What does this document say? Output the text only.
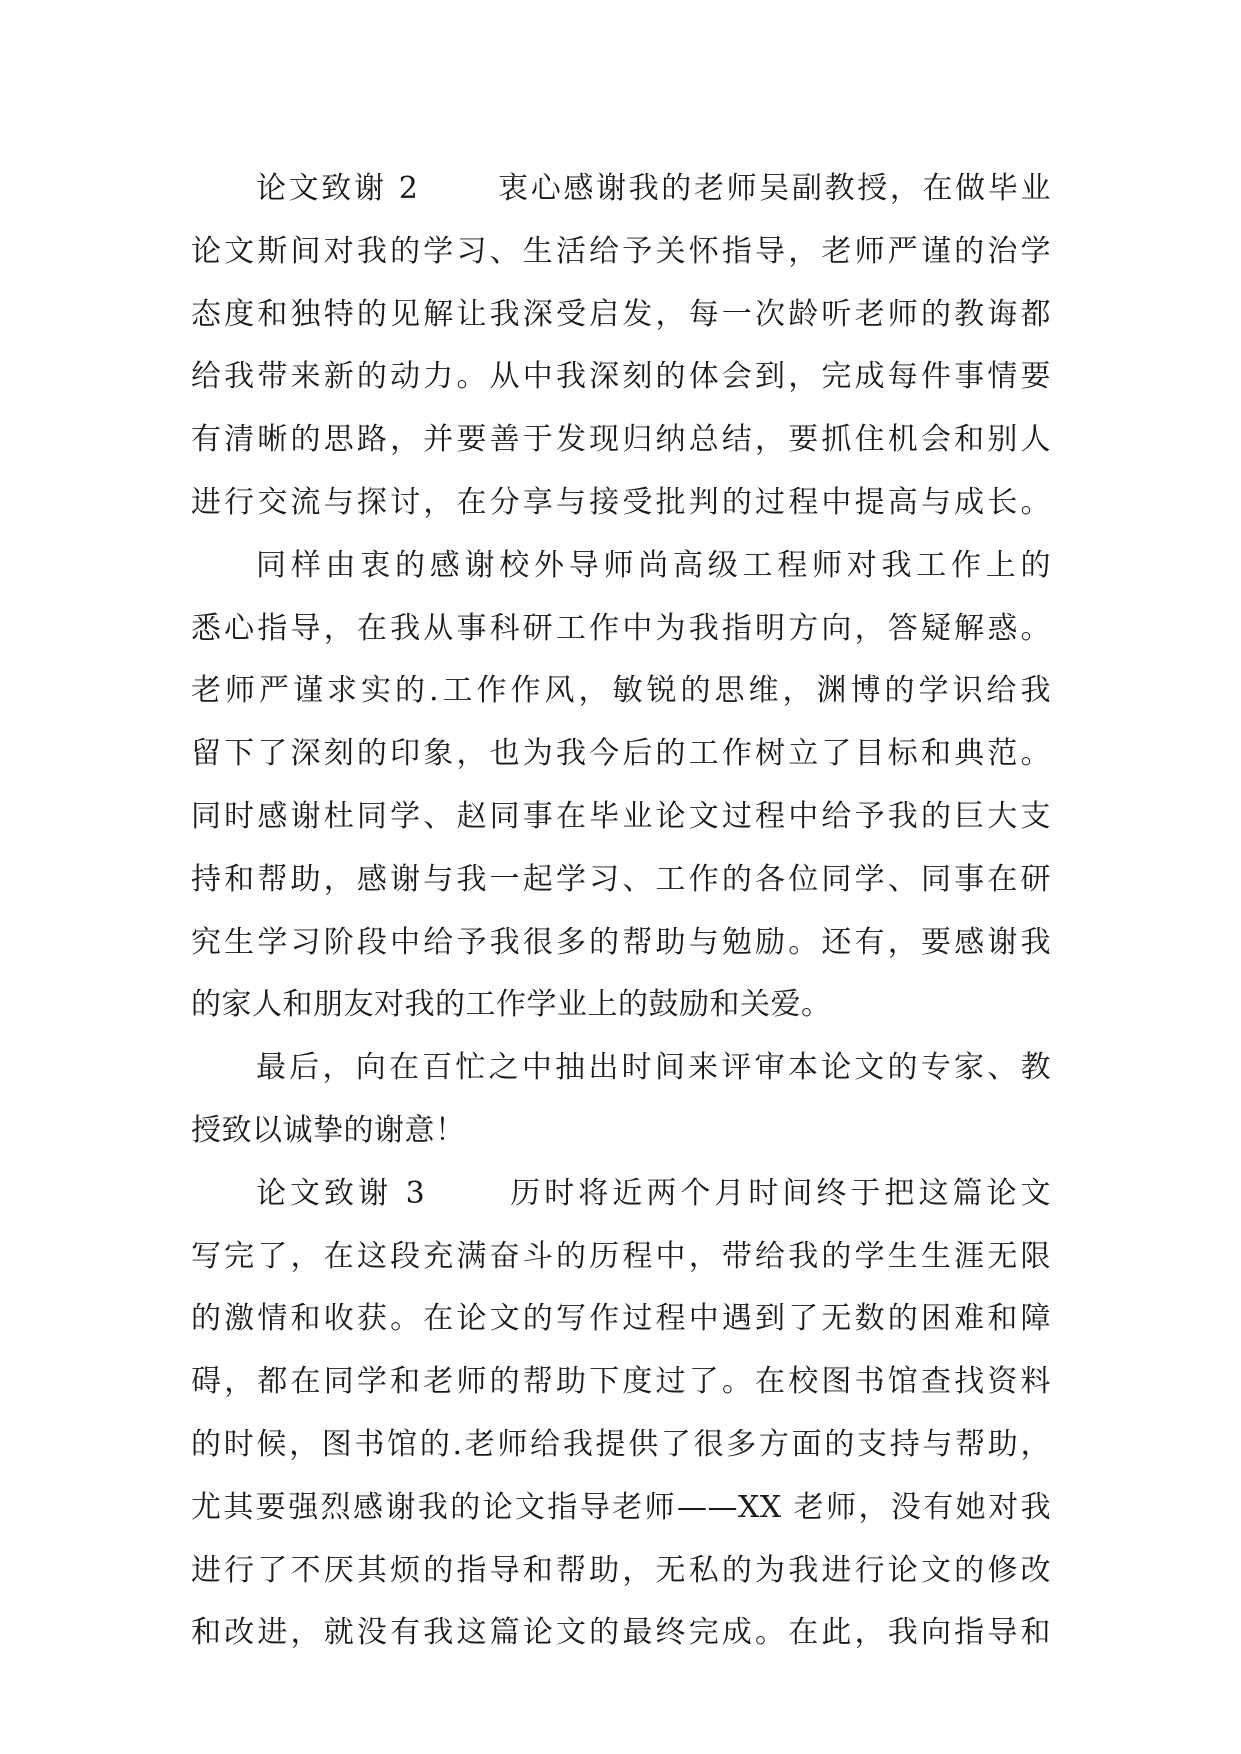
论文致谢 2　　 衷心感谢我的老师吴副教授，在做毕业
论文斯间对我的学习、生活给予关怀指导，老师严谨的治学
态度和独特的见解让我深受启发，每一次龄听老师的教诲都
给我带来新的动力。从中我深刻的体会到，完成每件事情要
有清晰的思路，并要善于发现归纳总结，要抓住机会和别人
进行交流与探讨，在分享与接受批判的过程中提高与成长。
同样由衷的感谢校外导师尚高级工程师对我工作上的
悉心指导，在我从事科研工作中为我指明方向，答疑解惑。
老师严谨求实的.工作作风，敏锐的思维，渊博的学识给我
留下了深刻的印象，也为我今后的工作树立了目标和典范。
同时感谢杜同学、赵同事在毕业论文过程中给予我的巨大支
持和帮助，感谢与我一起学习、工作的各位同学、同事在研
究生学习阶段中给予我很多的帮助与勉励。还有，要感谢我
的家人和朋友对我的工作学业上的鼓励和关爱。
最后，向在百忙之中抽出时间来评审本论文的专家、教
授致以诚挚的谢意！
论文致谢 3　　 历时将近两个月时间终于把这篇论文
写完了，在这段充满奋斗的历程中，带给我的学生生涯无限
的激情和收获。在论文的写作过程中遇到了无数的困难和障
碍，都在同学和老师的帮助下度过了。在校图书馆查找资料
的时候，图书馆的.老师给我提供了很多方面的支持与帮助，
尤其要强烈感谢我的论文指导老师——XX 老师，没有她对我
进行了不厌其烦的指导和帮助，无私的为我进行论文的修改
和改进，就没有我这篇论文的最终完成。在此，我向指导和
